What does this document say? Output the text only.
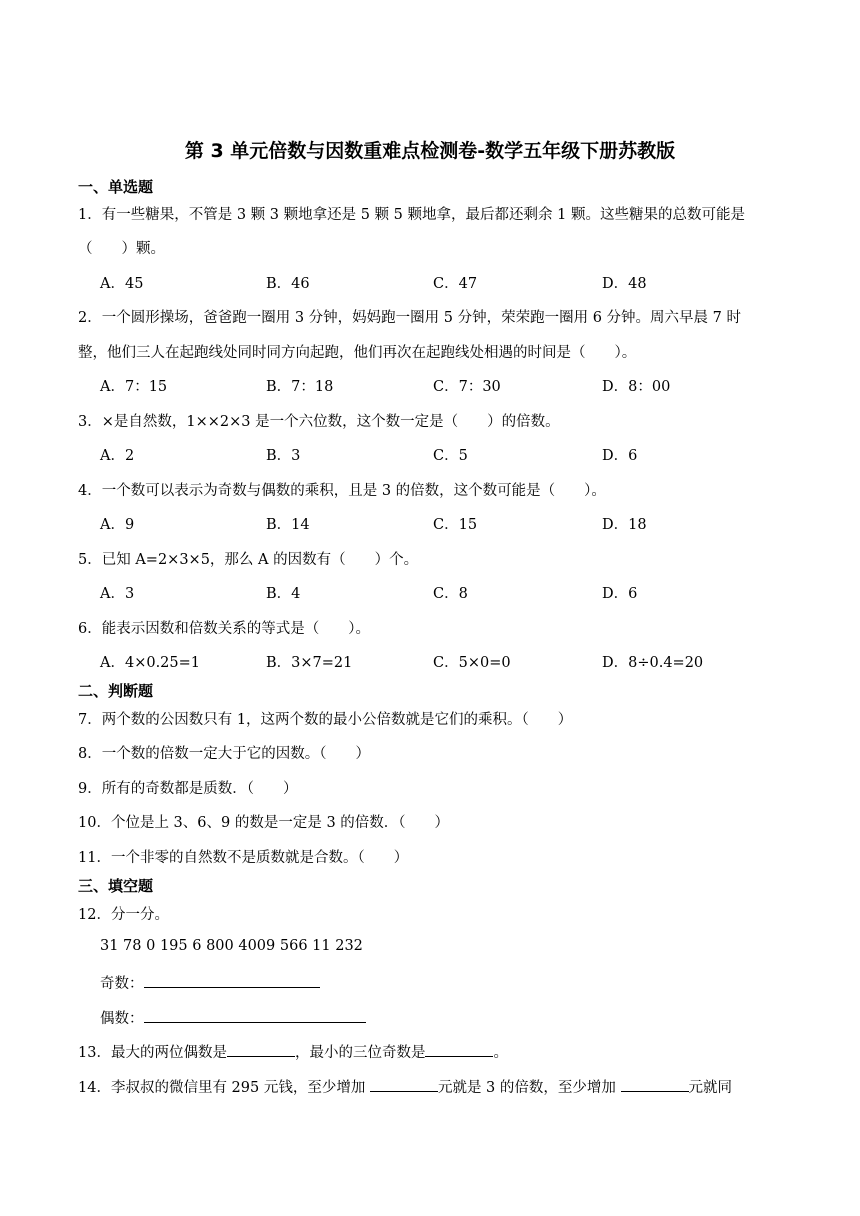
第 3 单元倍数与因数重难点检测卷-数学五年级下册苏教版
一、单选题
1．有一些糖果，不管是 3 颗 3 颗地拿还是 5 颗 5 颗地拿，最后都还剩余 1 颗。这些糖果的总数可能是
（　　）颗。
A．45	B．46	C．47	D．48
2．一个圆形操场，爸爸跑一圈用 3 分钟，妈妈跑一圈用 5 分钟，荣荣跑一圈用 6 分钟。周六早晨 7 时
整，他们三人在起跑线处同时同方向起跑，他们再次在起跑线处相遇的时间是（　　）。
A．7：15	B．7：18	C．7：30	D．8：00
3．×是自然数，1××2×3 是一个六位数，这个数一定是（　　）的倍数。
A．2	B．3	C．5	D．6
4．一个数可以表示为奇数与偶数的乘积，且是 3 的倍数，这个数可能是（　　）。
A．9	B．14	C．15	D．18
5．已知 A=2×3×5，那么 A 的因数有（　　）个。
A．3	B．4	C．8	D．6
6．能表示因数和倍数关系的等式是（　　）。
A．4×0.25=1	B．3×7=21	C．5×0=0	D．8÷0.4=20
二、判断题
7．两个数的公因数只有 1，这两个数的最小公倍数就是它们的乘积。（　　）
8．一个数的倍数一定大于它的因数。（　　）
9．所有的奇数都是质数．（　　）
10．个位是上 3、6、9 的数是一定是 3 的倍数．（　　）
11．一个非零的自然数不是质数就是合数。（　　）
三、填空题
12．分一分。
31 78 0 195 6 800 4009 566 11 232
奇数：
偶数：
13．最大的两位偶数是	，最小的三位奇数是	。
14．李叔叔的微信里有 295 元钱，至少增加	元就是 3 的倍数，至少增加	元就同
